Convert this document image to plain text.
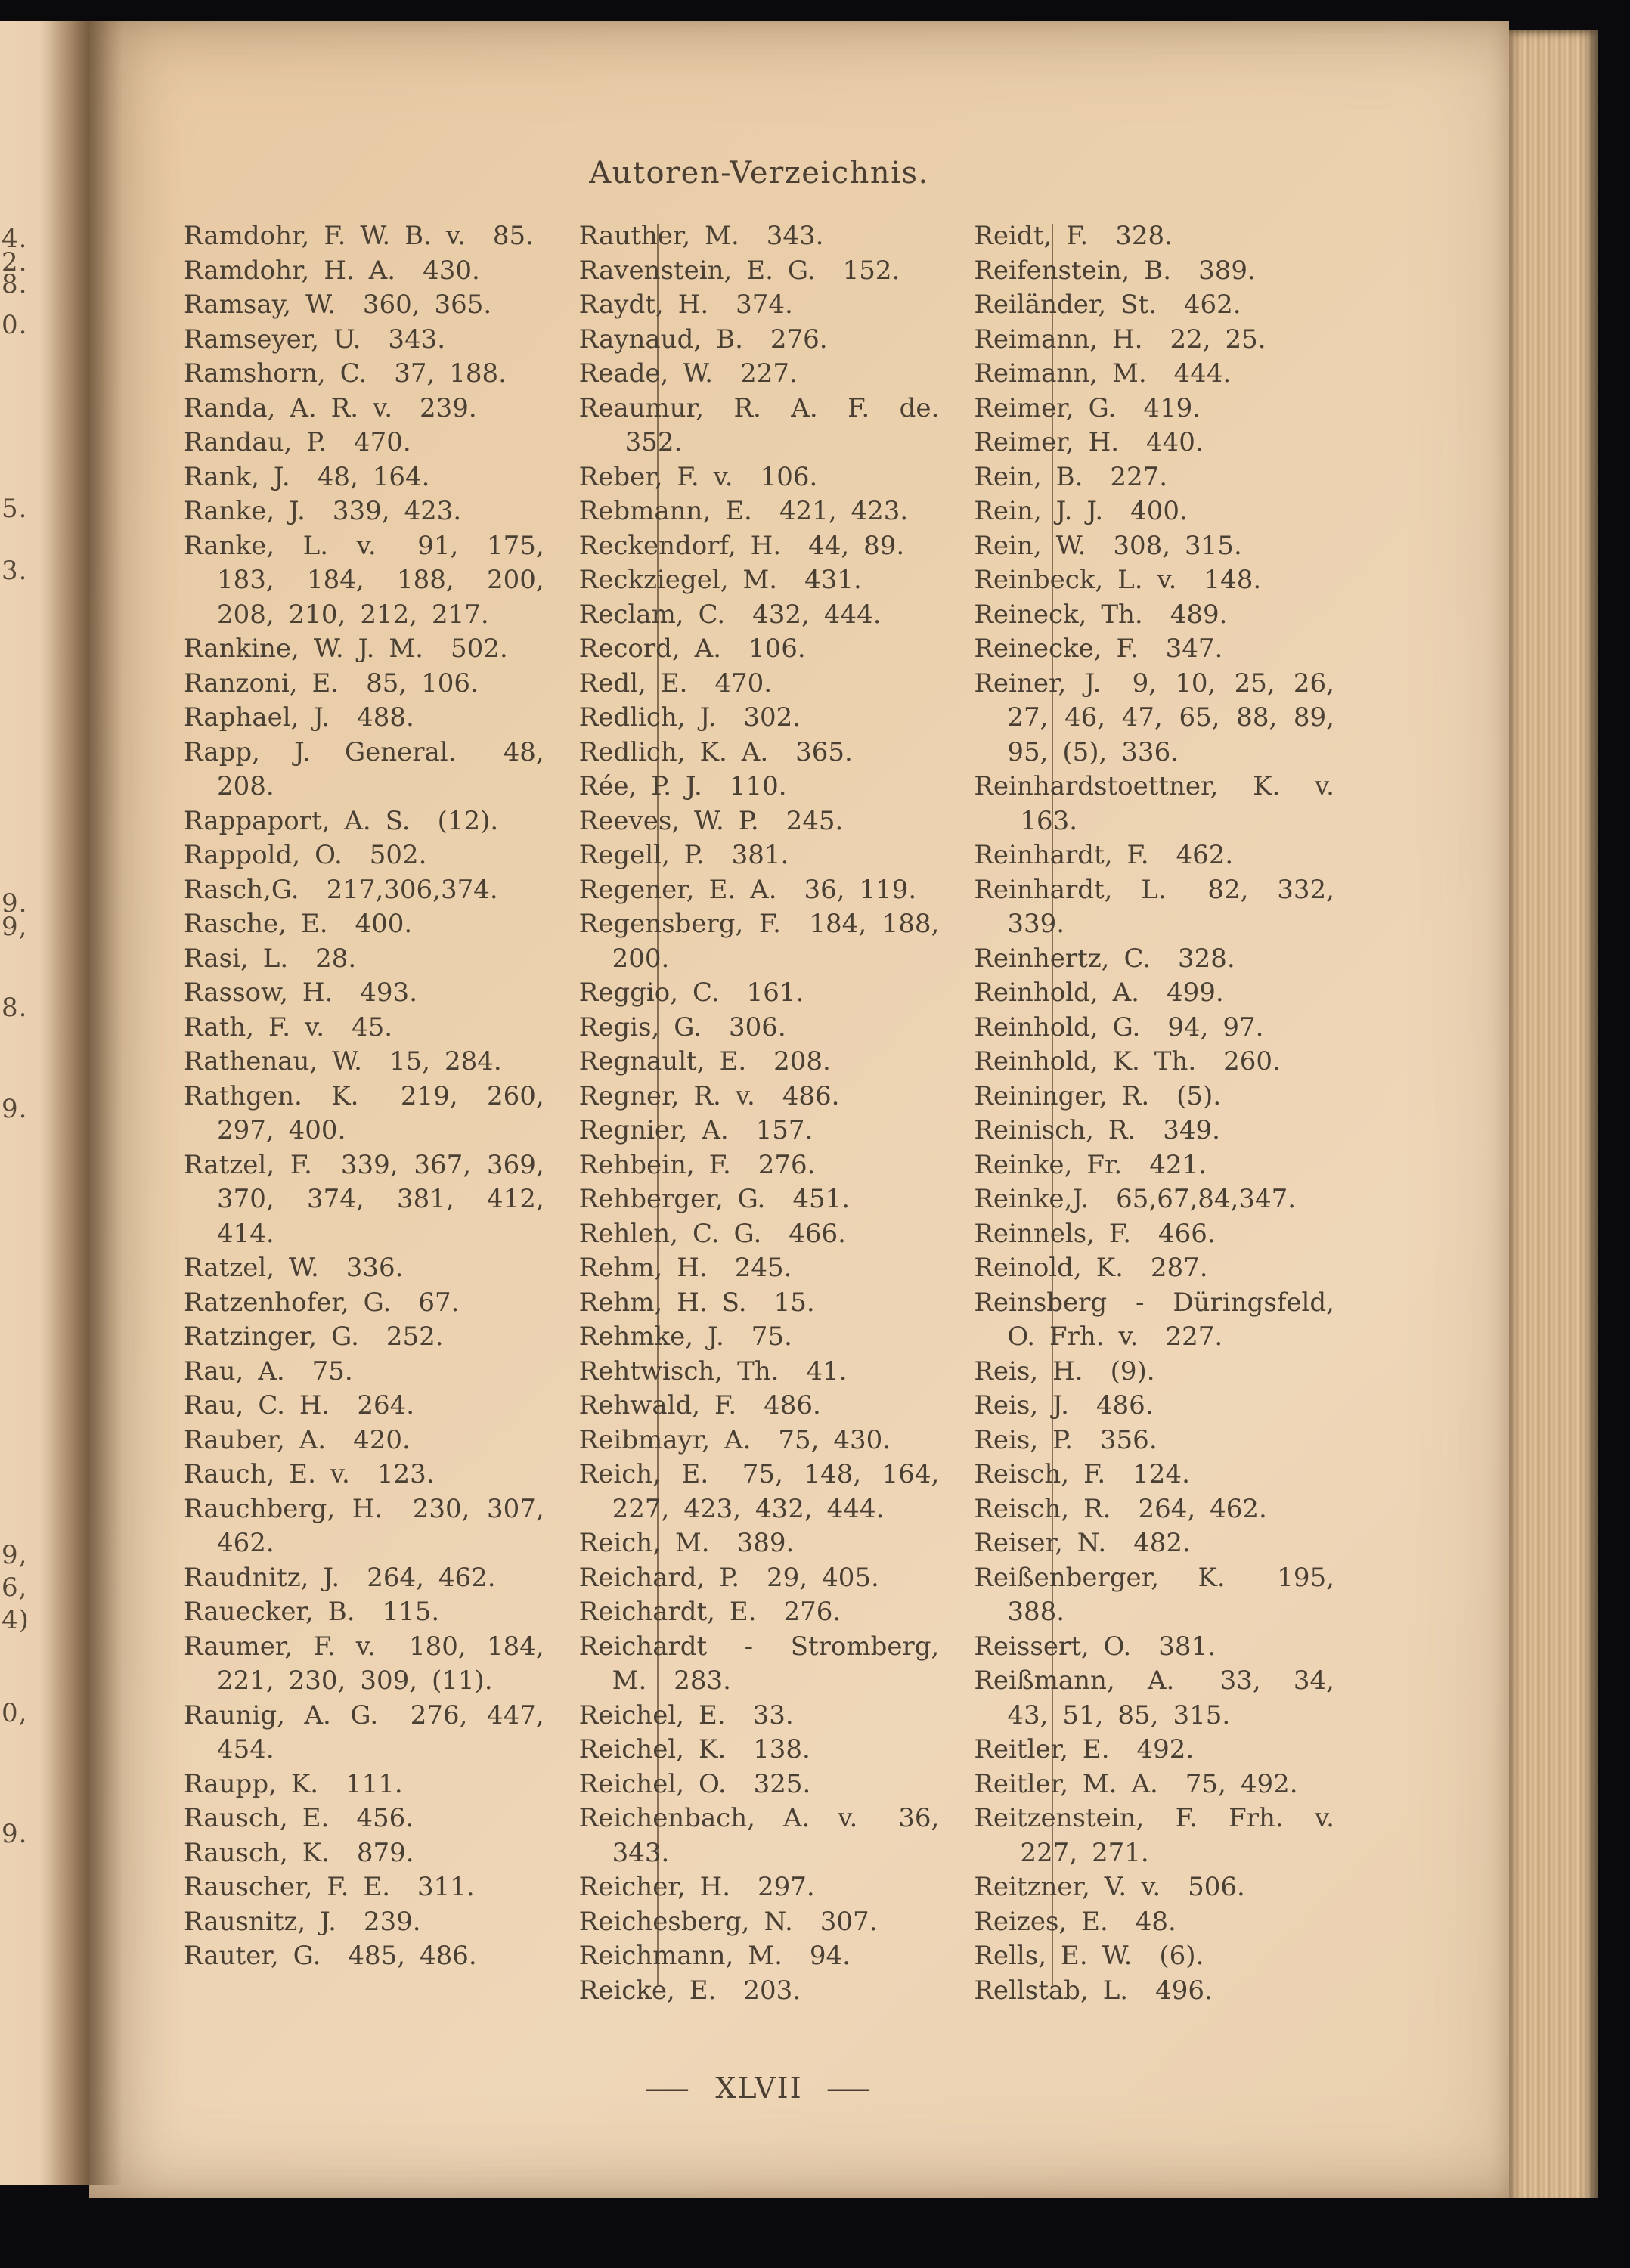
4.
2.
8.
0.
5.
3.
9.
9,
8.
9.
9,
6,
4)
0,
9.
Autoren-Verzeichnis.

Ramdohr, F. W. B. v. 85.

Ramdohr, H. A. 430.

Ramsay, W. 360, 365.

Ramseyer, U. 343.

Ramshorn, C. 37, 188.

Randa, A. R. v. 239.

Randau, P. 470.

Rank, J. 48, 164.

Ranke, J. 339, 423.

Ranke, L. v. 91, 175, 183, 184, 188, 200, 208, 210, 212, 217.

Rankine, W. J. M. 502.

Ranzoni, E. 85, 106.

Raphael, J. 488.

Rapp, J. General. 48, 208.

Rappaport, A. S. (12).

Rappold, O. 502.

Rasch,G. 217,306,374.

Rasche, E. 400.

Rasi, L. 28.

Rassow, H. 493.

Rath, F. v. 45.

Rathenau, W. 15, 284.

Rathgen. K. 219, 260, 297, 400.

Ratzel, F. 339, 367, 369, 370, 374, 381, 412, 414.

Ratzel, W. 336.

Ratzenhofer, G. 67.

Ratzinger, G. 252.

Rau, A. 75.

Rau, C. H. 264.

Rauber, A. 420.

Rauch, E. v. 123.

Rauchberg, H. 230, 307, 462.

Raudnitz, J. 264, 462.

Rauecker, B. 115.

Raumer, F. v. 180, 184, 221, 230, 309, (11).

Raunig, A. G. 276, 447, 454.

Raupp, K. 111.

Rausch, E. 456.

Rausch, K. 879.

Rauscher, F. E. 311.

Rausnitz, J. 239.

Rauter, G. 485, 486.

Rauther, M. 343.

Ravenstein, E. G. 152.

Raydt, H. 374.

Raynaud, B. 276.

Reade, W. 227.

Reaumur, R. A. F. de. 352.

Reber, F. v. 106.

Rebmann, E. 421, 423.

Reckendorf, H. 44, 89.

Reckziegel, M. 431.

Reclam, C. 432, 444.

Record, A. 106.

Redl, E. 470.

Redlich, J. 302.

Redlich, K. A. 365.

Rée, P. J. 110.

Reeves, W. P. 245.

Regell, P. 381.

Regener, E. A. 36, 119.

Regensberg, F. 184, 188, 200.

Reggio, C. 161.

Regis, G. 306.

Regnault, E. 208.

Regner, R. v. 486.

Regnier, A. 157.

Rehbein, F. 276.

Rehberger, G. 451.

Rehlen, C. G. 466.

Rehm, H. 245.

Rehm, H. S. 15.

Rehmke, J. 75.

Rehtwisch, Th. 41.

Rehwald, F. 486.

Reibmayr, A. 75, 430.

Reich, E. 75, 148, 164, 227, 423, 432, 444.

Reich, M. 389.

Reichard, P. 29, 405.

Reichardt, E. 276.

Reichardt - Stromberg, M. 283.

Reichel, E. 33.

Reichel, K. 138.

Reichel, O. 325.

Reichenbach, A. v. 36, 343.

Reicher, H. 297.

Reichesberg, N. 307.

Reichmann, M. 94.

Reicke, E. 203.

Reidt, F. 328.

Reifenstein, B. 389.

Reiländer, St. 462.

Reimann, H. 22, 25.

Reimann, M. 444.

Reimer, G. 419.

Reimer, H. 440.

Rein, B. 227.

Rein, J. J. 400.

Rein, W. 308, 315.

Reinbeck, L. v. 148.

Reineck, Th. 489.

Reinecke, F. 347.

Reiner, J. 9, 10, 25, 26, 27, 46, 47, 65, 88, 89, 95, (5), 336.

Reinhardstoettner, K. v. 163.

Reinhardt, F. 462.

Reinhardt, L. 82, 332, 339.

Reinhertz, C. 328.

Reinhold, A. 499.

Reinhold, G. 94, 97.

Reinhold, K. Th. 260.

Reininger, R. (5).

Reinisch, R. 349.

Reinke, Fr. 421.

Reinke,J. 65,67,84,347.

Reinnels, F. 466.

Reinold, K. 287.

Reinsberg - Düringsfeld, O. Frh. v. 227.

Reis, H. (9).

Reis, J. 486.

Reis, P. 356.

Reisch, F. 124.

Reisch, R. 264, 462.

Reiser, N. 482.

Reißenberger, K. 195, 388.

Reissert, O. 381.

Reißmann, A. 33, 34, 43, 51, 85, 315.

Reitler, E. 492.

Reitler, M. A. 75, 492.

Reitzenstein, F. Frh. v. 227, 271.

Reitzner, V. v. 506.

Reizes, E. 48.

Rells, E. W. (6).

Rellstab, L. 496.

— XLVII —
